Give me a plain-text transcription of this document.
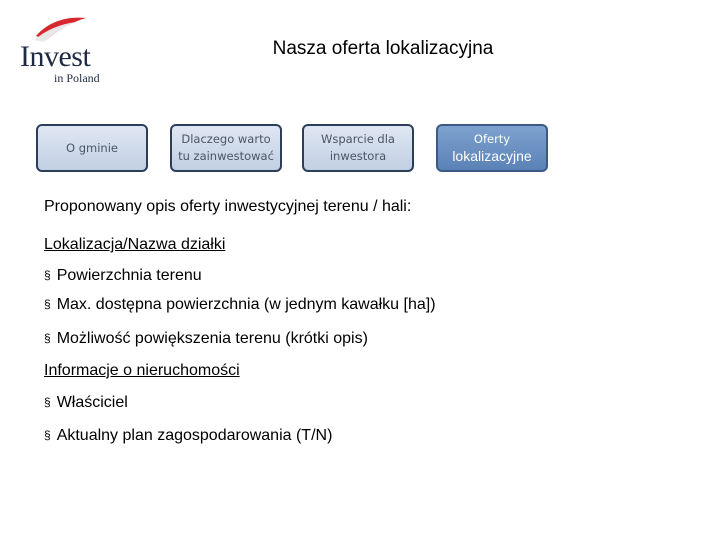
Invest
in Poland
Nasza oferta lokalizacyjna
O gminie
Dlaczego warto
tu zainwestować
Wsparcie dla
inwestora
Oferty
lokalizacyjne
Proponowany opis oferty inwestycyjnej terenu / hali:
Lokalizacja/Nazwa działki
§ Powierzchnia terenu
§ Max. dostępna powierzchnia (w jednym kawałku [ha])
§ Możliwość powiększenia terenu (krótki opis)
Informacje o nieruchomości
§ Właściciel
§ Aktualny plan zagospodarowania (T/N)
